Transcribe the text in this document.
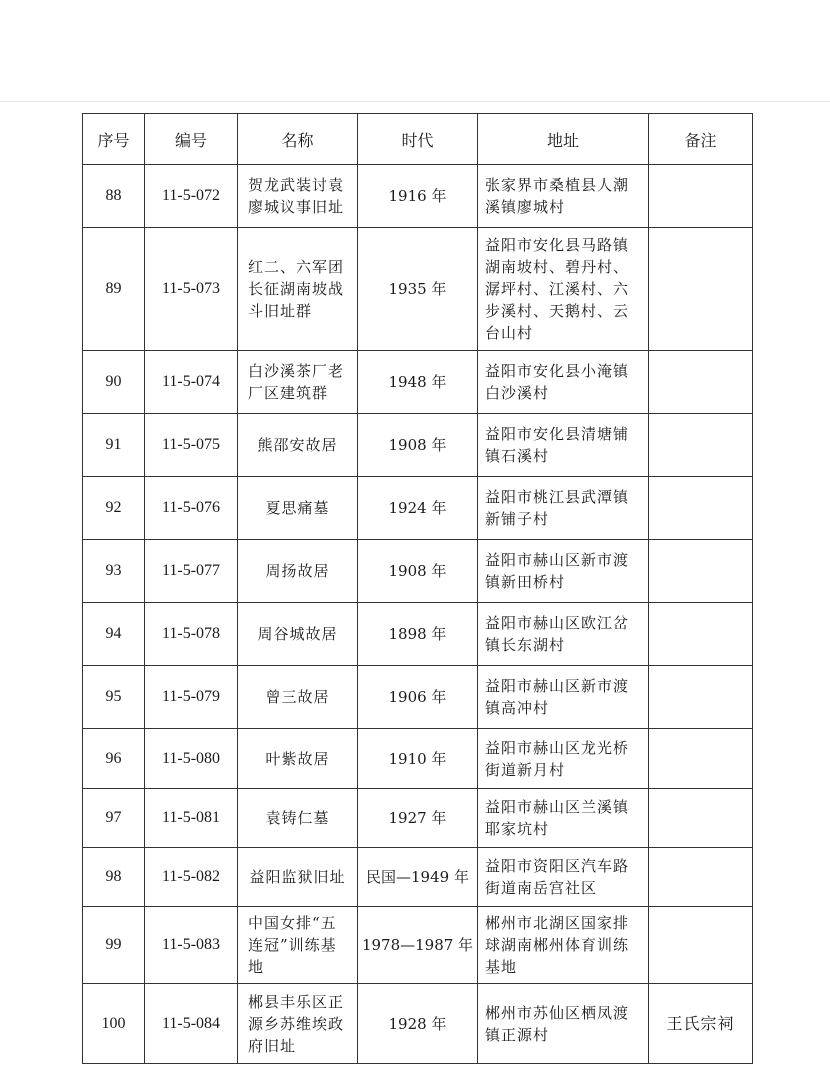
序号	编号	名称	时代	地址	备注
88	11-5-072	贺龙武装讨袁廖城议事旧址	1916 年	张家界市桑植县人潮溪镇廖城村	
89	11-5-073	红二、六军团长征湖南坡战斗旧址群	1935 年	益阳市安化县马路镇湖南坡村、碧丹村、潺坪村、江溪村、六步溪村、天鹅村、云台山村	
90	11-5-074	白沙溪茶厂老厂区建筑群	1948 年	益阳市安化县小淹镇白沙溪村	
91	11-5-075	熊邵安故居	1908 年	益阳市安化县清塘铺镇石溪村	
92	11-5-076	夏思痛墓	1924 年	益阳市桃江县武潭镇新铺子村	
93	11-5-077	周扬故居	1908 年	益阳市赫山区新市渡镇新田桥村	
94	11-5-078	周谷城故居	1898 年	益阳市赫山区欧江岔镇长东湖村	
95	11-5-079	曾三故居	1906 年	益阳市赫山区新市渡镇高冲村	
96	11-5-080	叶紫故居	1910 年	益阳市赫山区龙光桥街道新月村	
97	11-5-081	袁铸仁墓	1927 年	益阳市赫山区兰溪镇耶家坑村	
98	11-5-082	益阳监狱旧址	民国—1949 年	益阳市资阳区汽车路街道南岳宫社区	
99	11-5-083	中国女排“五连冠”训练基地	1978—1987 年	郴州市北湖区国家排球湖南郴州体育训练基地	
100	11-5-084	郴县丰乐区正源乡苏维埃政府旧址	1928 年	郴州市苏仙区栖凤渡镇正源村	王氏宗祠
